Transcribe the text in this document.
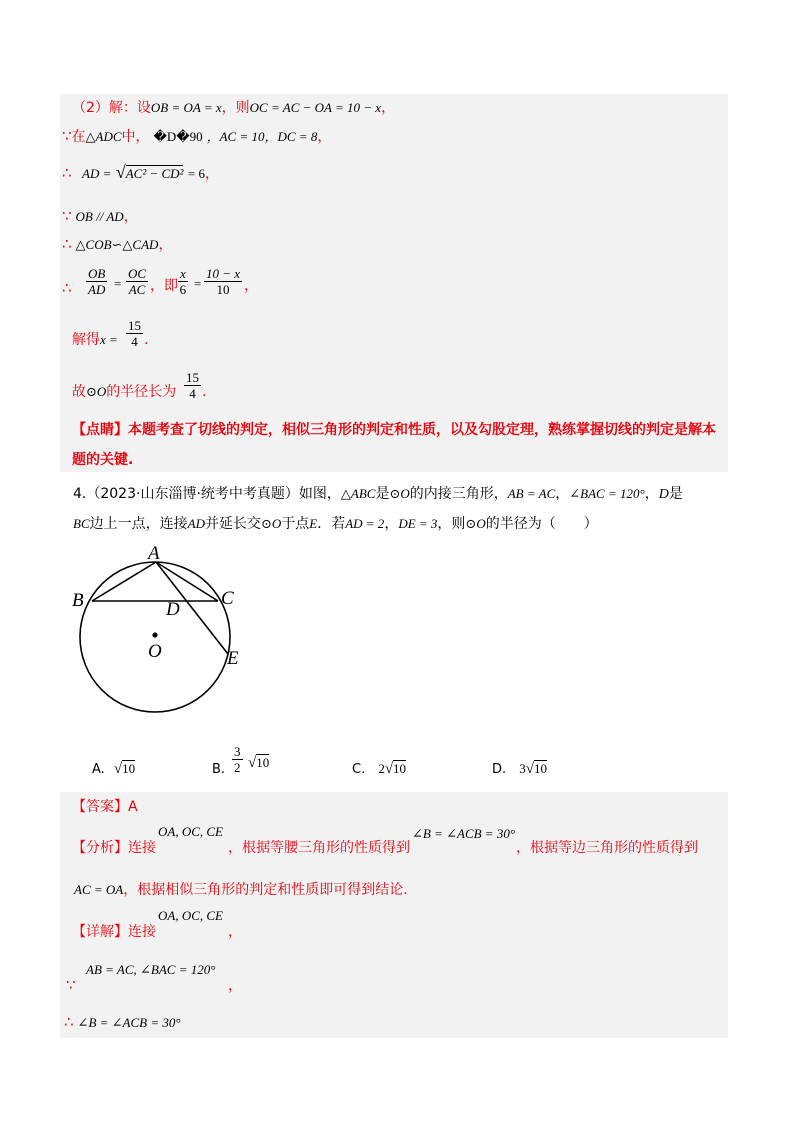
（2）解：设OB = OA = x，则OC = AC − OA = 10 − x，
∵在△ADC中， �D�90 ，AC = 10，DC = 8，
∴ AD = √AC² − CD² = 6，
∵ OB // AD，
∴ △COB∽△CAD，
∴ $\frac{OB}{AD} = \frac{OC}{AC}$ ，即 $\frac{x}{6} = \frac{10 - x}{10}$ ，
解得$x = \frac{15}{4}$ .
故⊙O的半径长为 $\frac{15}{4}$ .
【点睛】本题考查了切线的判定，相似三角形的判定和性质，以及勾股定理，熟练掌握切线的判定是解本
题的关键.
4.（2023·山东淄博·统考中考真题）如图，△ABC是⊙O的内接三角形，AB = AC，∠BAC = 120°，D是
BC边上一点，连接AD并延长交⊙O于点E．若AD = 2，DE = 3，则⊙O的半径为（　　）
A
B	C
D
E
O
A. √10	B. $\frac{3}{2} √10$	C. 2√10	D. 3√10
【答案】A
【分析】连接
OA, OC, CE
，根据等腰三角形的性质得到
∠B = ∠ACB = 30°
，根据等边三角形的性质得到
AC = OA，根据相似三角形的判定和性质即可得到结论.
【详解】连接
OA, OC, CE
，
AB = AC, ∠BAC = 120°
∵	，
∴ ∠B = ∠ACB = 30°
